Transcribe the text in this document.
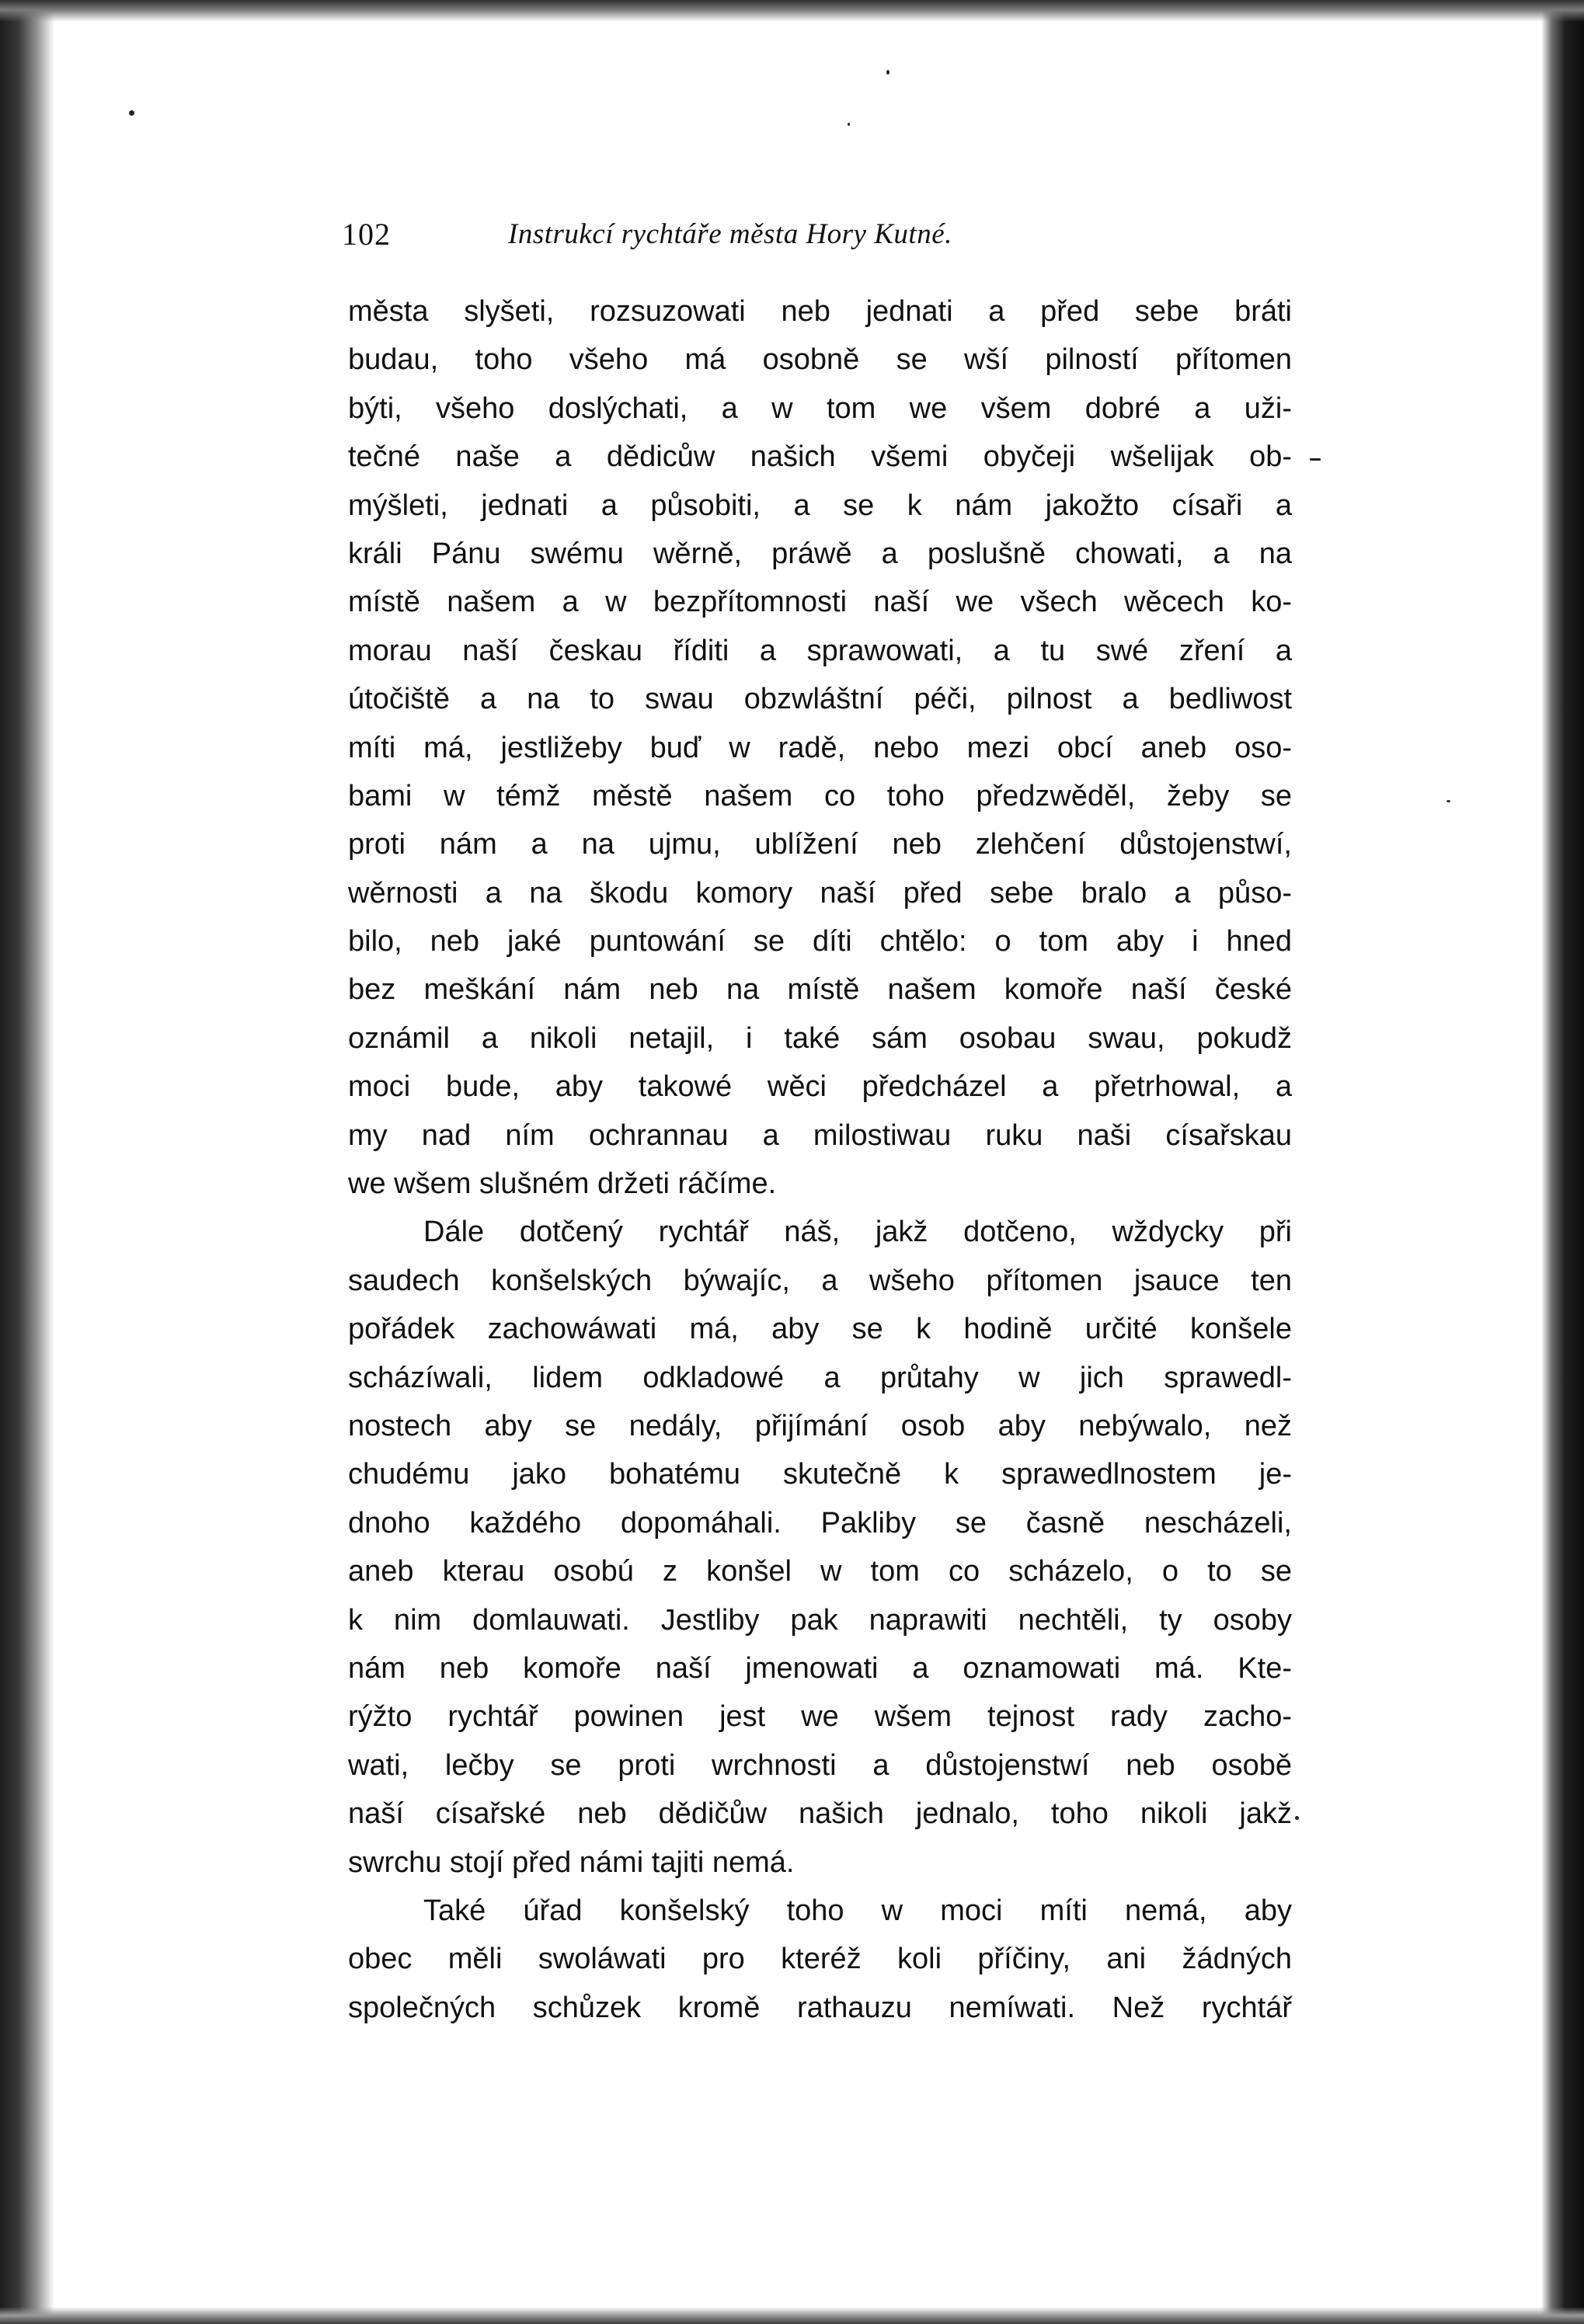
102	Instrukcí rychtáře města Hory Kutné.
města slyšeti, rozsuzowati neb jednati a před sebe bráti
budau, toho všeho má osobně se wší pilností přítomen
býti, všeho doslýchati, a w tom we všem dobré a uži-
tečné naše a dědicůw našich všemi obyčeji wšelijak ob-
mýšleti, jednati a působiti, a se k nám jakožto císaři a
králi Pánu swému wěrně, práwě a poslušně chowati, a na
místě našem a w bezpřítomnosti naší we všech wěcech ko-
morau naší českau říditi a sprawowati, a tu swé zření a
útočiště a na to swau obzwláštní péči, pilnost a bedliwost
míti má, jestližeby buď w radě, nebo mezi obcí aneb oso-
bami w témž městě našem co toho předzwěděl, žeby se
proti nám a na ujmu, ublížení neb zlehčení důstojenstwí,
wěrnosti a na škodu komory naší před sebe bralo a půso-
bilo, neb jaké puntowání se díti chtělo: o tom aby i hned
bez meškání nám neb na místě našem komoře naší české
oznámil a nikoli netajil, i také sám osobau swau, pokudž
moci bude, aby takowé wěci předcházel a přetrhowal, a
my nad ním ochrannau a milostiwau ruku naši císařskau
we wšem slušném držeti ráčíme.
Dále dotčený rychtář náš, jakž dotčeno, wždycky při
saudech konšelských býwajíc, a wšeho přítomen jsauce ten
pořádek zachowáwati má, aby se k hodině určité konšele
scházíwali, lidem odkladowé a průtahy w jich sprawedl-
nostech aby se nedály, přijímání osob aby nebýwalo, než
chudému jako bohatému skutečně k sprawedlnostem je-
dnoho každého dopomáhali. Pakliby se časně nescházeli,
aneb kterau osobú z konšel w tom co scházelo, o to se
k nim domlauwati. Jestliby pak naprawiti nechtěli, ty osoby
nám neb komoře naší jmenowati a oznamowati má. Kte-
rýžto rychtář powinen jest we wšem tejnost rady zacho-
wati, lečby se proti wrchnosti a důstojenstwí neb osobě
naší císařské neb dědičůw našich jednalo, toho nikoli jakž
swrchu stojí před námi tajiti nemá.
Také úřad konšelský toho w moci míti nemá, aby
obec měli swoláwati pro kteréž koli příčiny, ani žádných
společných schůzek kromě rathauzu nemíwati. Než rychtář
